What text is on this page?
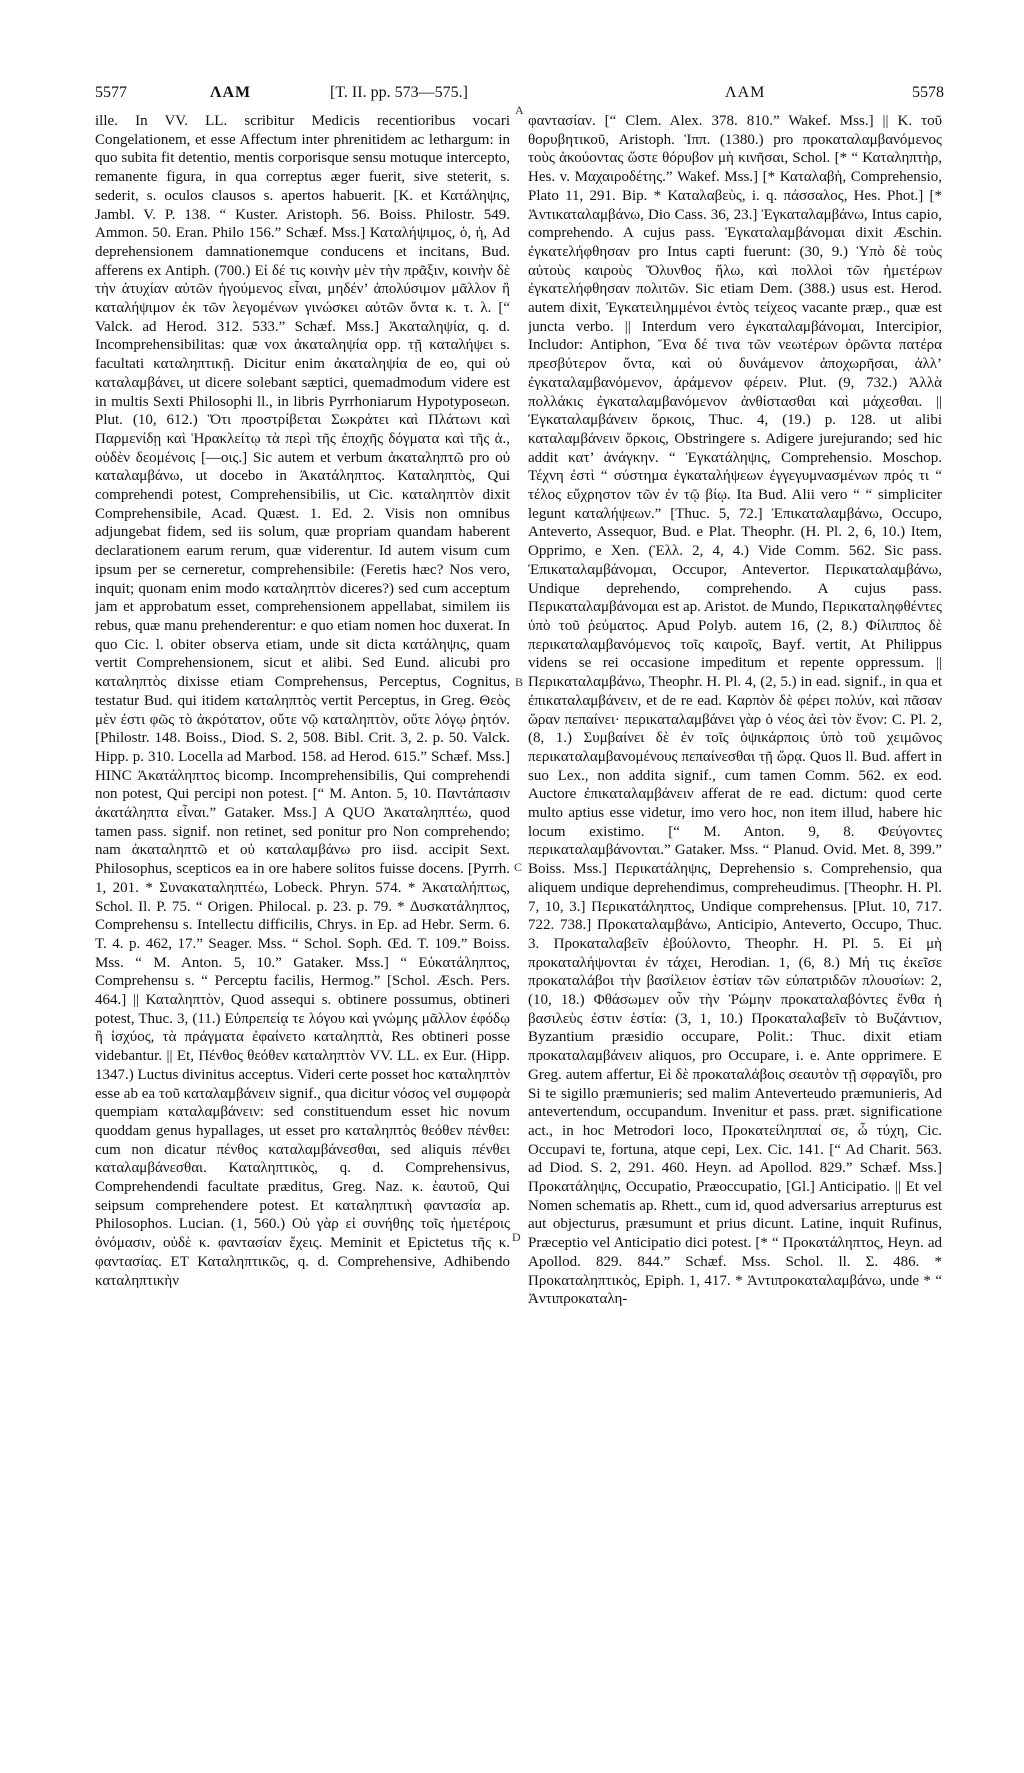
5577	ΛΑΜ	[T. II. pp. 573—575.]	ΛΑΜ	5578
A
B
C
D

ille. In VV. LL. scribitur Medicis recentioribus vocari Congelationem, et esse Affectum inter phrenitidem ac lethargum: in quo subita fit detentio, mentis corporisque sensu motuque intercepto, remanente figura, in qua correptus æger fuerit, sive steterit, s. sederit, s. oculos clausos s. apertos habuerit. [K. et Κατάληψις, Jambl. V. P. 138. “ Kuster. Aristoph. 56. Boiss. Philostr. 549. Ammon. 50. Eran. Philo 156.” Schæf. Mss.] Καταλήψιμος, ὁ, ἡ, Ad deprehensionem damnationemque conducens et incitans, Bud. afferens ex Antiph. (700.) Εἰ δέ τις κοινὴν μὲν τὴν πρᾶξιν, κοινὴν δὲ τὴν ἀτυχίαν αὐτῶν ἡγούμενος εἶναι, μηδέν’ ἀπολύσιμον μᾶλλον ἢ καταλήψιμον ἐκ τῶν λεγομένων γινώσκει αὐτῶν ὄντα κ. τ. λ. [“ Valck. ad Herod. 312. 533.” Schæf. Mss.] Ἀκαταληψία, q. d. Incomprehensibilitas: quæ vox ἀκαταληψία opp. τῇ καταλήψει s. facultati καταληπτικῇ. Dicitur enim ἀκαταληψία de eo, qui οὐ καταλαμβάνει, ut dicere solebant sæptici, quemadmodum videre est in multis Sexti Philosophi ll., in libris Pyrrhoniarum Hypotyposeωn. Plut. (10, 612.) Ὅτι προστρίβεται Σωκράτει καὶ Πλάτωνι καὶ Παρμενίδῃ καὶ Ἡρακλείτῳ τὰ περὶ τῆς ἐποχῆς δόγματα καὶ τῆς ἀ., οὐδὲν δεομένοις [—οις.] Sic autem et verbum ἀκαταληπτῶ pro οὐ καταλαμβάνω, ut docebo in Ἀκατάληπτος. Καταληπτὸς, Qui comprehendi potest, Comprehensibilis, ut Cic. καταληπτὸν dixit Comprehensibile, Acad. Quæst. 1. Ed. 2. Visis non omnibus adjungebat fidem, sed iis solum, quæ propriam quandam haberent declarationem earum rerum, quæ viderentur. Id autem visum cum ipsum per se cerneretur, comprehensibile: (Feretis hæc? Nos vero, inquit; quonam enim modo καταληπτὸν diceres?) sed cum acceptum jam et approbatum esset, comprehensionem appellabat, similem iis rebus, quæ manu prehenderentur: e quo etiam nomen hoc duxerat. In quo Cic. l. obiter observa etiam, unde sit dicta κατάληψις, quam vertit Comprehensionem, sicut et alibi. Sed Eund. alicubi pro καταληπτὸς dixisse etiam Comprehensus, Perceptus, Cognitus, testatur Bud. qui itidem καταληπτὸς vertit Perceptus, in Greg. Θεὸς μὲν ἐστι φῶς τὸ ἀκρότατον, οὔτε νῷ καταληπτὸν, οὔτε λόγῳ ῥητόν. [Philostr. 148. Boiss., Diod. S. 2, 508. Bibl. Crit. 3, 2. p. 50. Valck. Hipp. p. 310. Locella ad Marbod. 158. ad Herod. 615.” Schæf. Mss.] HINC Ἀκατάληπτος bicomp. Incomprehensibilis, Qui comprehendi non potest, Qui percipi non potest. [“ M. Anton. 5, 10. Παντάπασιν ἀκατάληπτα εἶναι.” Gataker. Mss.] A QUO Ἀκαταληπτέω, quod tamen pass. signif. non retinet, sed ponitur pro Non comprehendo; nam ἀκαταληπτῶ et οὐ καταλαμβάνω pro iisd. accipit Sext. Philosophus, scepticos ea in ore habere solitos fuisse docens. [Pyrrh. 1, 201. * Συνακαταληπτέω, Lobeck. Phryn. 574. * Ἀκαταλήπτως, Schol. Il. P. 75. “ Origen. Philocal. p. 23. p. 79. * Δυσκατάληπτος, Comprehensu s. Intellectu difficilis, Chrys. in Ep. ad Hebr. Serm. 6. T. 4. p. 462, 17.” Seager. Mss. “ Schol. Soph. Œd. T. 109.” Boiss. Mss. “ M. Anton. 5, 10.” Gataker. Mss.] “ Εὐκατάληπτος, Comprehensu s. “ Perceptu facilis, Hermog.” [Schol. Æsch. Pers. 464.] || Καταληπτὸν, Quod assequi s. obtinere possumus, obtineri potest, Thuc. 3, (11.) Εὐπρεπείᾳ τε λόγου καὶ γνώμης μᾶλλον ἐφόδῳ ἢ ἰσχύος, τὰ πράγματα ἐφαίνετο καταληπτὰ, Res obtineri posse videbantur. || Et, Πένθος θεόθεν καταληπτὸν VV. LL. ex Eur. (Hipp. 1347.) Luctus divinitus acceptus. Videri certe posset hoc καταληπτὸν esse ab ea τοῦ καταλαμβάνειν signif., qua dicitur νόσος vel συμφορὰ quempiam καταλαμβάνειν: sed constituendum esset hic novum quoddam genus hypallages, ut esset pro καταληπτὸς θεόθεν πένθει: cum non dicatur πένθος καταλαμβάνεσθαι, sed aliquis πένθει καταλαμβάνεσθαι. Καταληπτικὸς, q. d. Comprehensivus, Comprehendendi facultate præditus, Greg. Naz. κ. ἑαυτοῦ, Qui seipsum comprehendere potest. Et καταληπτικὴ φαντασία ap. Philosophos. Lucian. (1, 560.) Οὐ γὰρ εἰ συνήθης τοῖς ἡμετέροις ὀνόμασιν, οὐδὲ κ. φαντασίαν ἔχεις. Meminit et Epictetus τῆς κ. φαντασίας. ET Καταληπτικῶς, q. d. Comprehensive, Adhibendo καταληπτικὴν

φαντασίαν. [“ Clem. Alex. 378. 810.” Wakef. Mss.] || K. τοῦ θορυβητικοῦ, Aristoph. Ἱππ. (1380.) pro προκαταλαμβανόμενος τοὺς ἀκούοντας ὥστε θόρυβον μὴ κινῆσαι, Schol. [* “ Καταληπτὴρ, Hes. v. Μαχαιροδέτης.” Wakef. Mss.] [* Καταλαβὴ, Comprehensio, Plato 11, 291. Bip. * Καταλαβεὺς, i. q. πάσσαλος, Hes. Phot.] [* Ἀντικαταλαμβάνω, Dio Cass. 36, 23.] Ἐγκαταλαμβάνω, Intus capio, comprehendo. A cujus pass. Ἐγκαταλαμβάνομαι dixit Æschin. ἐγκατελήφθησαν pro Intus capti fuerunt: (30, 9.) Ὑπὸ δὲ τοὺς αὐτοὺς καιροὺς Ὄλυνθος ἥλω, καὶ πολλοὶ τῶν ἡμετέρων ἐγκατελήφθησαν πολιτῶν. Sic etiam Dem. (388.) usus est. Herod. autem dixit, Ἐγκατειλημμένοι ἐντὸς τείχεος vacante præp., quæ est juncta verbo. || Interdum vero ἐγκαταλαμβάνομαι, Intercipior, Includor: Antiphon, Ἕνα δέ τινα τῶν νεωτέρων ὁρῶντα πατέρα πρεσβύτερον ὄντα, καὶ οὐ δυνάμενον ἀποχωρῆσαι, ἀλλ’ ἐγκαταλαμβανόμενον, ἀράμενον φέρειν. Plut. (9, 732.) Ἀλλὰ πολλάκις ἐγκαταλαμβανόμενον ἀνθίστασθαι καὶ μάχεσθαι. || Ἐγκαταλαμβάνειν ὅρκοις, Thuc. 4, (19.) p. 128. ut alibi καταλαμβάνειν ὅρκοις, Obstringere s. Adigere jurejurando; sed hic addit κατ’ ἀνάγκην. “ Ἐγκατάληψις, Comprehensio. Moschop. Τέχνη ἐστὶ “ σύστημα ἐγκαταλήψεων ἐγγεγυμνασμένων πρός τι “ τέλος εὔχρηστον τῶν ἐν τῷ βίῳ. Ita Bud. Alii vero “ “ simpliciter legunt καταλήψεων.” [Thuc. 5, 72.] Ἐπικαταλαμβάνω, Occupo, Anteverto, Assequor, Bud. e Plat. Theophr. (H. Pl. 2, 6, 10.) Item, Opprimo, e Xen. (Ἑλλ. 2, 4, 4.) Vide Comm. 562. Sic pass. Ἐπικαταλαμβάνομαι, Occupor, Antevertor. Περικαταλαμβάνω, Undique deprehendo, comprehendo. A cujus pass. Περικαταλαμβάνομαι est ap. Aristot. de Mundo, Περικαταληφθέντες ὑπὸ τοῦ ῥεύματος. Apud Polyb. autem 16, (2, 8.) Φίλιππος δὲ περικαταλαμβανόμενος τοῖς καιροῖς, Bayf. vertit, At Philippus videns se rei occasione impeditum et repente oppressum. || Περικαταλαμβάνω, Theophr. H. Pl. 4, (2, 5.) in ead. signif., in qua et ἐπικαταλαμβάνειν, et de re ead. Καρπὸν δὲ φέρει πολύν, καὶ πᾶσαν ὥραν πεπαίνει· περικαταλαμβάνει γὰρ ὁ νέος ἀεὶ τὸν ἔνον: C. Pl. 2, (8, 1.) Συμβαίνει δὲ ἐν τοῖς ὀψικάρποις ὑπὸ τοῦ χειμῶνος περικαταλαμβανομένους πεπαίνεσθαι τῇ ὥρᾳ. Quos ll. Bud. affert in suo Lex., non addita signif., cum tamen Comm. 562. ex eod. Auctore ἐπικαταλαμβάνειν afferat de re ead. dictum: quod certe multo aptius esse videtur, imo vero hoc, non item illud, habere hic locum existimo. [“ M. Anton. 9, 8. Φεύγοντες περικαταλαμβάνονται.” Gataker. Mss. “ Planud. Ovid. Met. 8, 399.” Boiss. Mss.] Περικατάληψις, Deprehensio s. Comprehensio, qua aliquem undique deprehendimus, compreheudimus. [Theophr. H. Pl. 7, 10, 3.] Περικατάληπτος, Undique comprehensus. [Plut. 10, 717. 722. 738.] Προκαταλαμβάνω, Anticipio, Anteverto, Occupo, Thuc. 3. Προκαταλαβεῖν ἐβούλοντο, Theophr. H. Pl. 5. Εἰ μὴ προκαταλήψονται ἐν τάχει, Herodian. 1, (6, 8.) Μή τις ἐκεῖσε προκαταλάβοι τὴν βασίλειον ἑστίαν τῶν εὐπατριδῶν πλουσίων: 2, (10, 18.) Φθάσωμεν οὖν τὴν Ῥώμην προκαταλαβόντες ἔνθα ἡ βασιλεὺς ἐστιν ἑστία: (3, 1, 10.) Προκαταλαβεῖν τὸ Βυζάντιον, Byzantium præsidio occupare, Polit.: Thuc. dixit etiam προκαταλαμβάνειν aliquos, pro Occupare, i. e. Ante opprimere. E Greg. autem affertur, Εἰ δὲ προκαταλάβοις σεαυτὸν τῇ σφραγῖδι, pro Si te sigillo præmunieris; sed malim Anteverteudo præmunieris, Ad antevertendum, occupandum. Invenitur et pass. præt. significatione act., in hoc Metrodori loco, Προκατείληππαί σε, ὦ τύχη, Cic. Occupavi te, fortuna, atque cepi, Lex. Cic. 141. [“ Ad Charit. 563. ad Diod. S. 2, 291. 460. Heyn. ad Apollod. 829.” Schæf. Mss.] Προκατάληψις, Occupatio, Præoccupatio, [Gl.] Anticipatio. || Et vel Nomen schematis ap. Rhett., cum id, quod adversarius arrepturus est aut objecturus, præsumunt et prius dicunt. Latine, inquit Rufinus, Præceptio vel Anticipatio dici potest. [* “ Προκατάληπτος, Heyn. ad Apollod. 829. 844.” Schæf. Mss. Schol. ll. Σ. 486. * Προκαταληπτικὸς, Epiph. 1, 417. * Ἀντιπροκαταλαμβάνω, unde * “ Ἀντιπροκαταλη-
